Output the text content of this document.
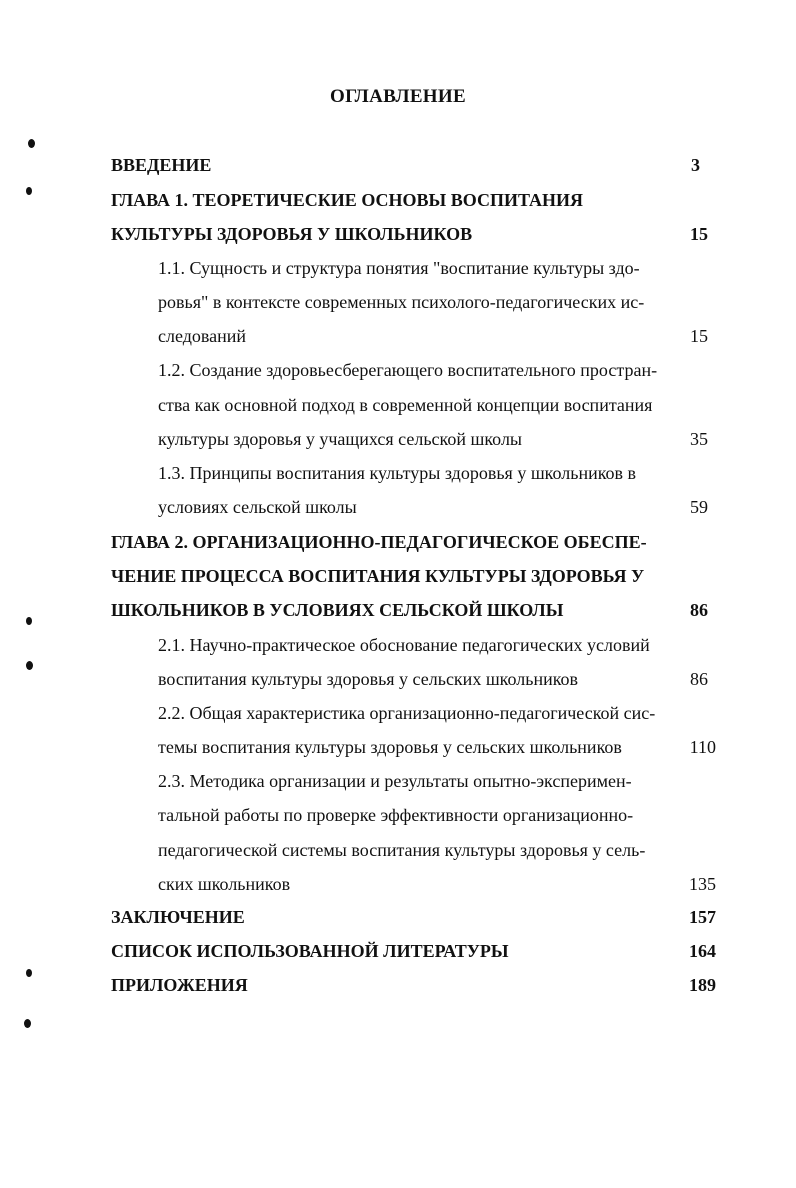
ОГЛАВЛЕНИЕ
ВВЕДЕНИЕ	3
ГЛАВА 1. ТЕОРЕТИЧЕСКИЕ ОСНОВЫ ВОСПИТАНИЯ
КУЛЬТУРЫ ЗДОРОВЬЯ У ШКОЛЬНИКОВ	15
1.1. Сущность и структура понятия "воспитание культуры здо-
ровья" в контексте современных психолого-педагогических ис-
следований	15
1.2. Создание здоровьесберегающего воспитательного простран-
ства как основной подход в современной концепции воспитания
культуры здоровья у учащихся сельской школы	35
1.3. Принципы воспитания культуры здоровья у школьников в
условиях сельской школы	59
ГЛАВА 2. ОРГАНИЗАЦИОННО-ПЕДАГОГИЧЕСКОЕ ОБЕСПЕ-
ЧЕНИЕ ПРОЦЕССА ВОСПИТАНИЯ КУЛЬТУРЫ ЗДОРОВЬЯ У
ШКОЛЬНИКОВ В УСЛОВИЯХ СЕЛЬСКОЙ ШКОЛЫ	86
2.1. Научно-практическое обоснование педагогических условий
воспитания культуры здоровья у сельских школьников	86
2.2. Общая характеристика организационно-педагогической сис-
темы воспитания культуры здоровья у сельских школьников	110
2.3. Методика организации и результаты опытно-эксперимен-
тальной работы по проверке эффективности организационно-
педагогической системы воспитания культуры здоровья у сель-
ских школьников	135
ЗАКЛЮЧЕНИЕ	157
СПИСОК ИСПОЛЬЗОВАННОЙ ЛИТЕРАТУРЫ	164
ПРИЛОЖЕНИЯ	189
